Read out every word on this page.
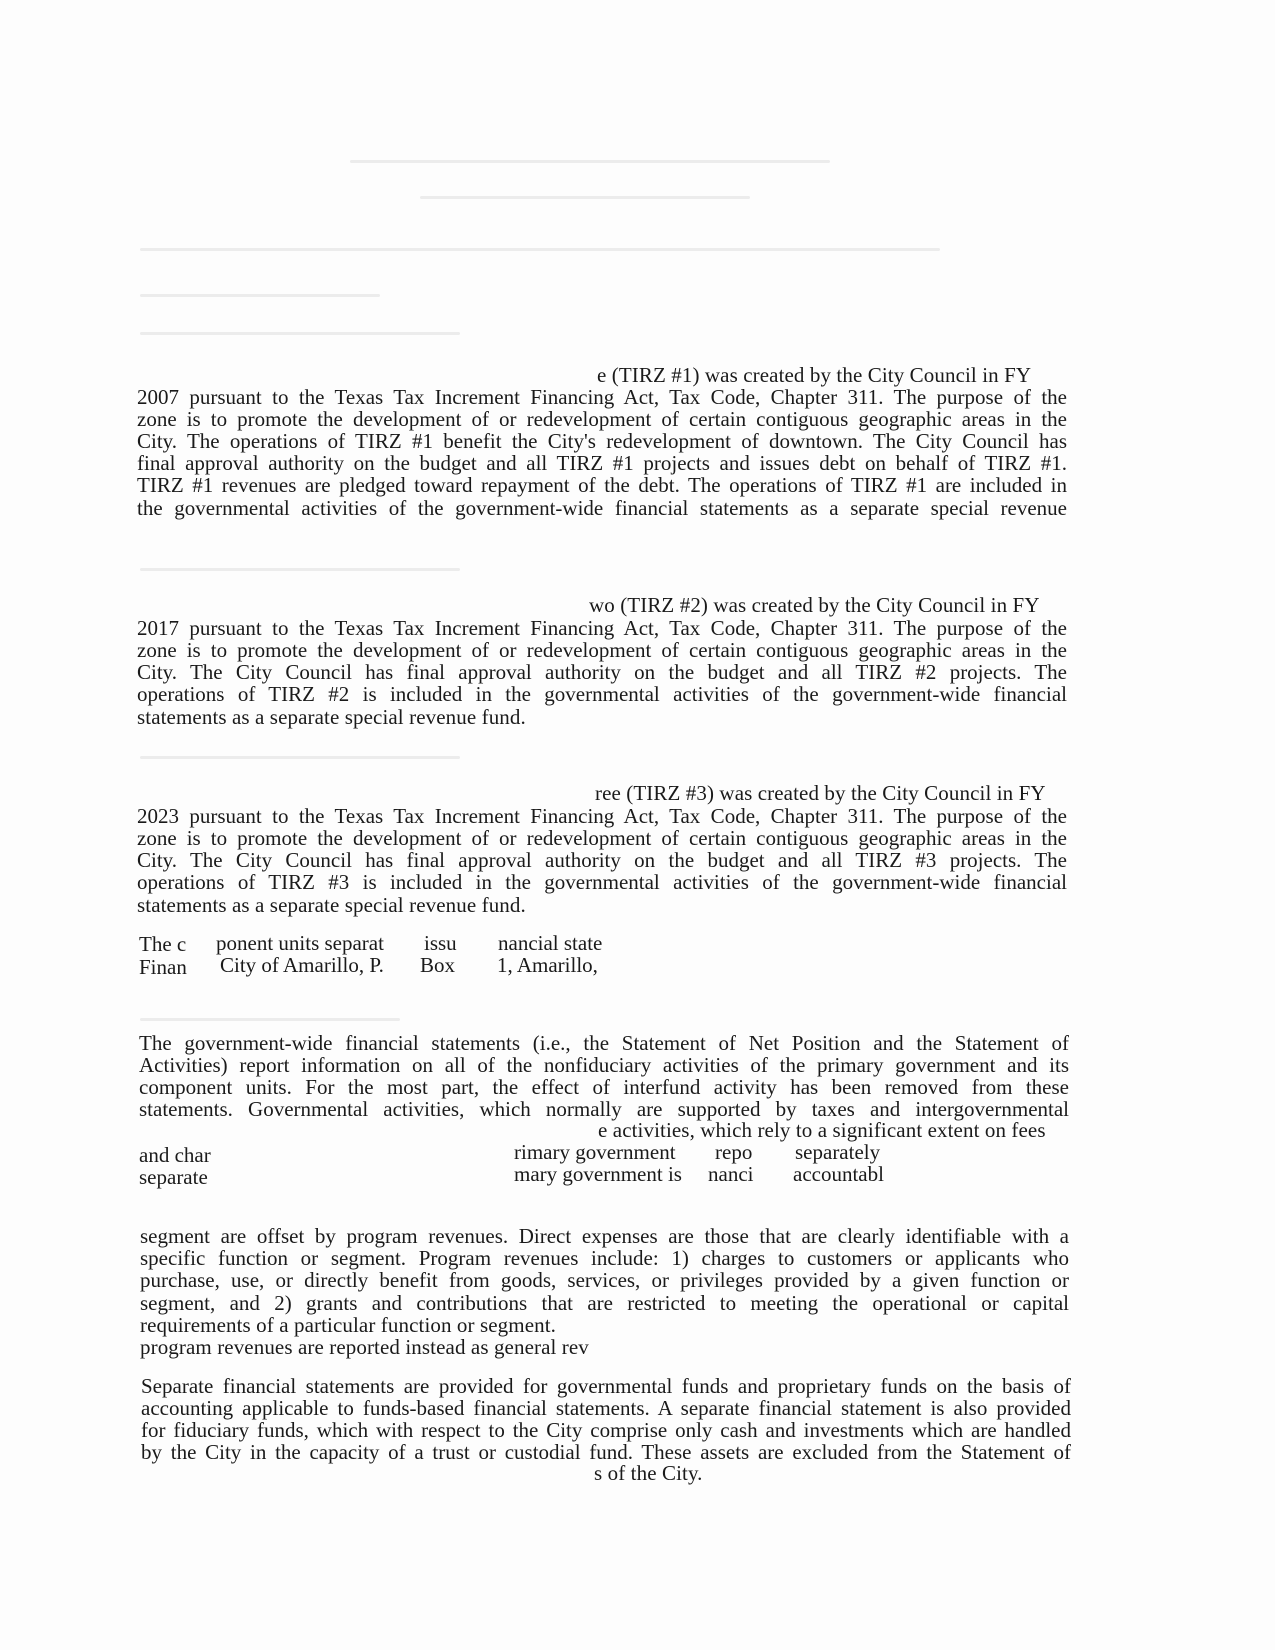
e (TIRZ #1) was created by the City Council in FY
2007 pursuant to the Texas Tax Increment Financing Act, Tax Code, Chapter 311. The purpose of the
zone is to promote the development of or redevelopment of certain contiguous geographic areas in the
City. The operations of TIRZ #1 benefit the City's redevelopment of downtown. The City Council has
final approval authority on the budget and all TIRZ #1 projects and issues debt on behalf of TIRZ #1.
TIRZ #1 revenues are pledged toward repayment of the debt. The operations of TIRZ #1 are included in
the governmental activities of the government-wide financial statements as a separate special revenue
wo (TIRZ #2) was created by the City Council in FY
2017 pursuant to the Texas Tax Increment Financing Act, Tax Code, Chapter 311. The purpose of the
zone is to promote the development of or redevelopment of certain contiguous geographic areas in the
City. The City Council has final approval authority on the budget and all TIRZ #2 projects. The
operations of TIRZ #2 is included in the governmental activities of the government-wide financial
statements as a separate special revenue fund.
ree (TIRZ #3) was created by the City Council in FY
2023 pursuant to the Texas Tax Increment Financing Act, Tax Code, Chapter 311. The purpose of the
zone is to promote the development of or redevelopment of certain contiguous geographic areas in the
City. The City Council has final approval authority on the budget and all TIRZ #3 projects. The
operations of TIRZ #3 is included in the governmental activities of the government-wide financial
statements as a separate special revenue fund.
The c ponent units separat issu nancial state
Finan City of Amarillo, P. Box 1, Amarillo,
The government-wide financial statements (i.e., the Statement of Net Position and the Statement of
Activities) report information on all of the nonfiduciary activities of the primary government and its
component units. For the most part, the effect of interfund activity has been removed from these
statements. Governmental activities, which normally are supported by taxes and intergovernmental
e activities, which rely to a significant extent on fees
and char	rimary government repo separately
separate	mary government is nanci accountabl
segment are offset by program revenues. Direct expenses are those that are clearly identifiable with a
specific function or segment. Program revenues include: 1) charges to customers or applicants who
purchase, use, or directly benefit from goods, services, or privileges provided by a given function or
segment, and 2) grants and contributions that are restricted to meeting the operational or capital
requirements of a particular function or segment.
program revenues are reported instead as general rev
Separate financial statements are provided for governmental funds and proprietary funds on the basis of
accounting applicable to funds-based financial statements. A separate financial statement is also provided
for fiduciary funds, which with respect to the City comprise only cash and investments which are handled
by the City in the capacity of a trust or custodial fund. These assets are excluded from the Statement of
s of the City.
